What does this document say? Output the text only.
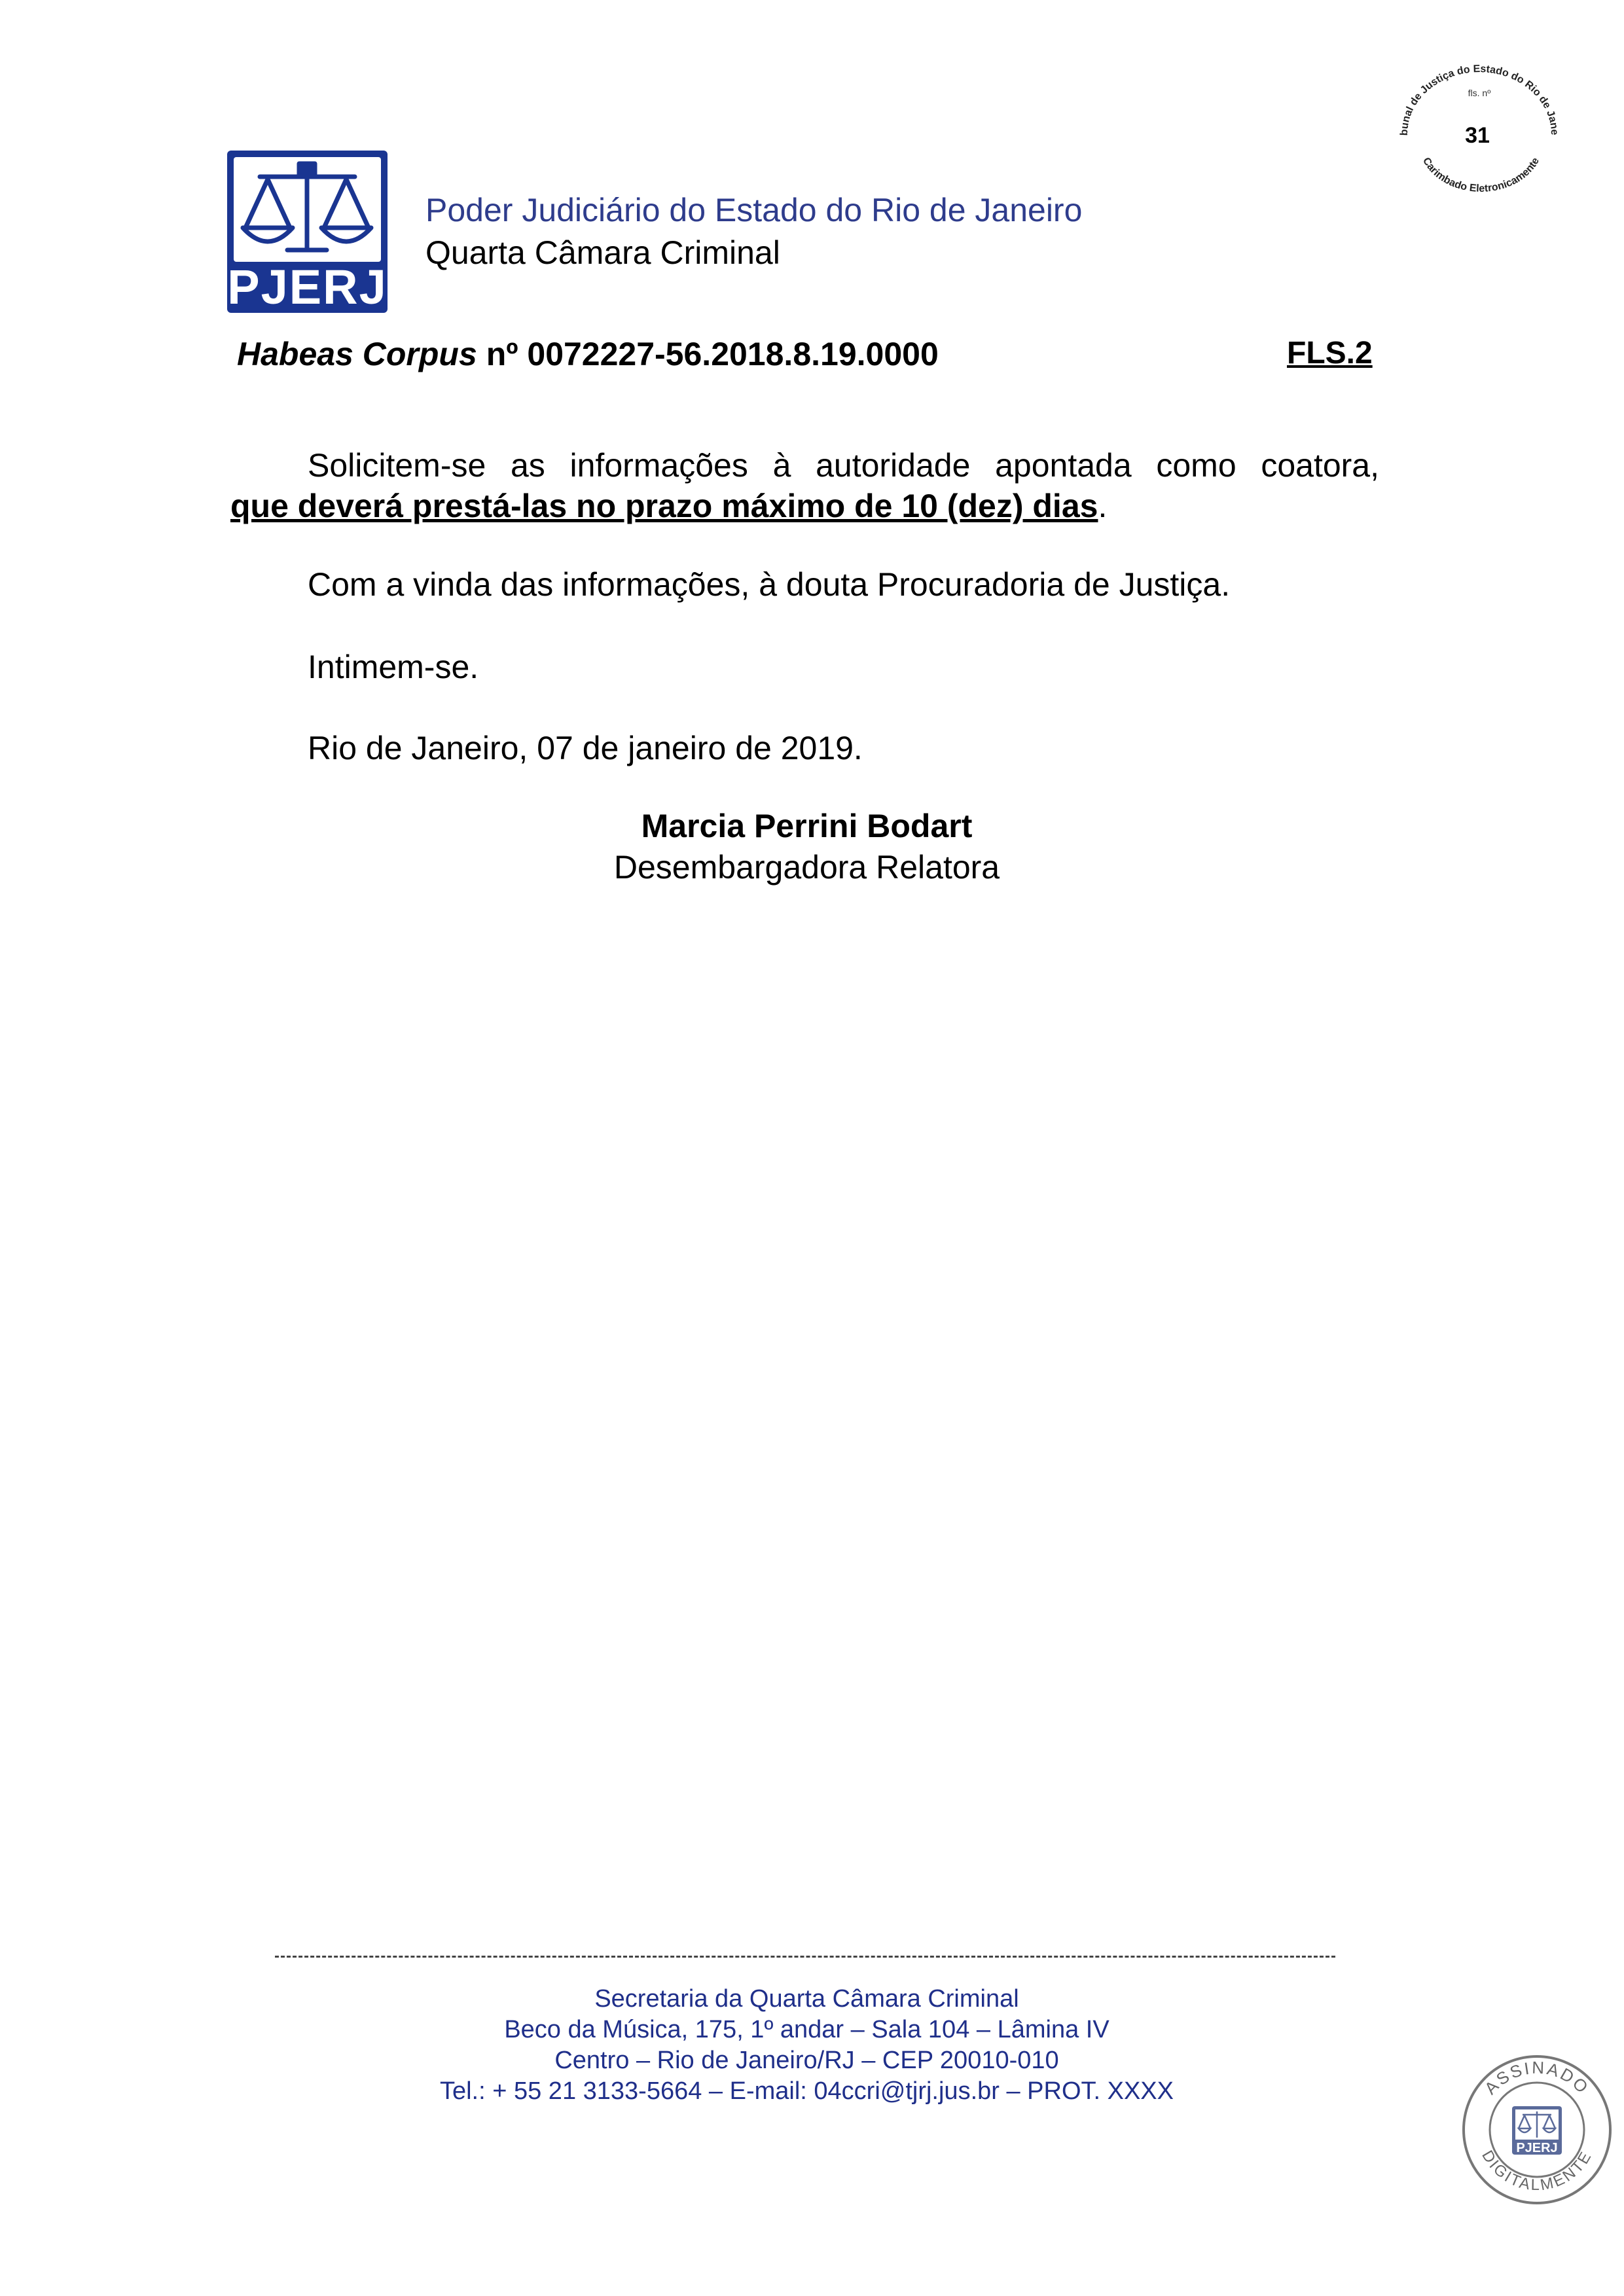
PJERJ
Poder Judiciário do Estado do Rio de Janeiro
Quarta Câmara Criminal
bunal de Justiça do Estado do Rio de Jane
Carimbado Eletronicamente
fls. nº
31
Habeas Corpus nº 0072227-56.2018.8.19.0000	FLS.2
Solicitem-se as informações à autoridade apontada como coatora,
que deverá prestá-las no prazo máximo de 10 (dez) dias.
Com a vinda das informações, à douta Procuradoria de Justiça.
Intimem-se.
Rio de Janeiro, 07 de janeiro de 2019.
Marcia Perrini Bodart
Desembargadora Relatora
Secretaria da Quarta Câmara Criminal
Beco da Música, 175, 1º andar – Sala 104 – Lâmina IV
Centro – Rio de Janeiro/RJ – CEP 20010-010
Tel.: + 55 21 3133-5664 – E-mail: 04ccri@tjrj.jus.br – PROT. XXXX	ASSINADO
DIGITALMENTE
PJERJ
